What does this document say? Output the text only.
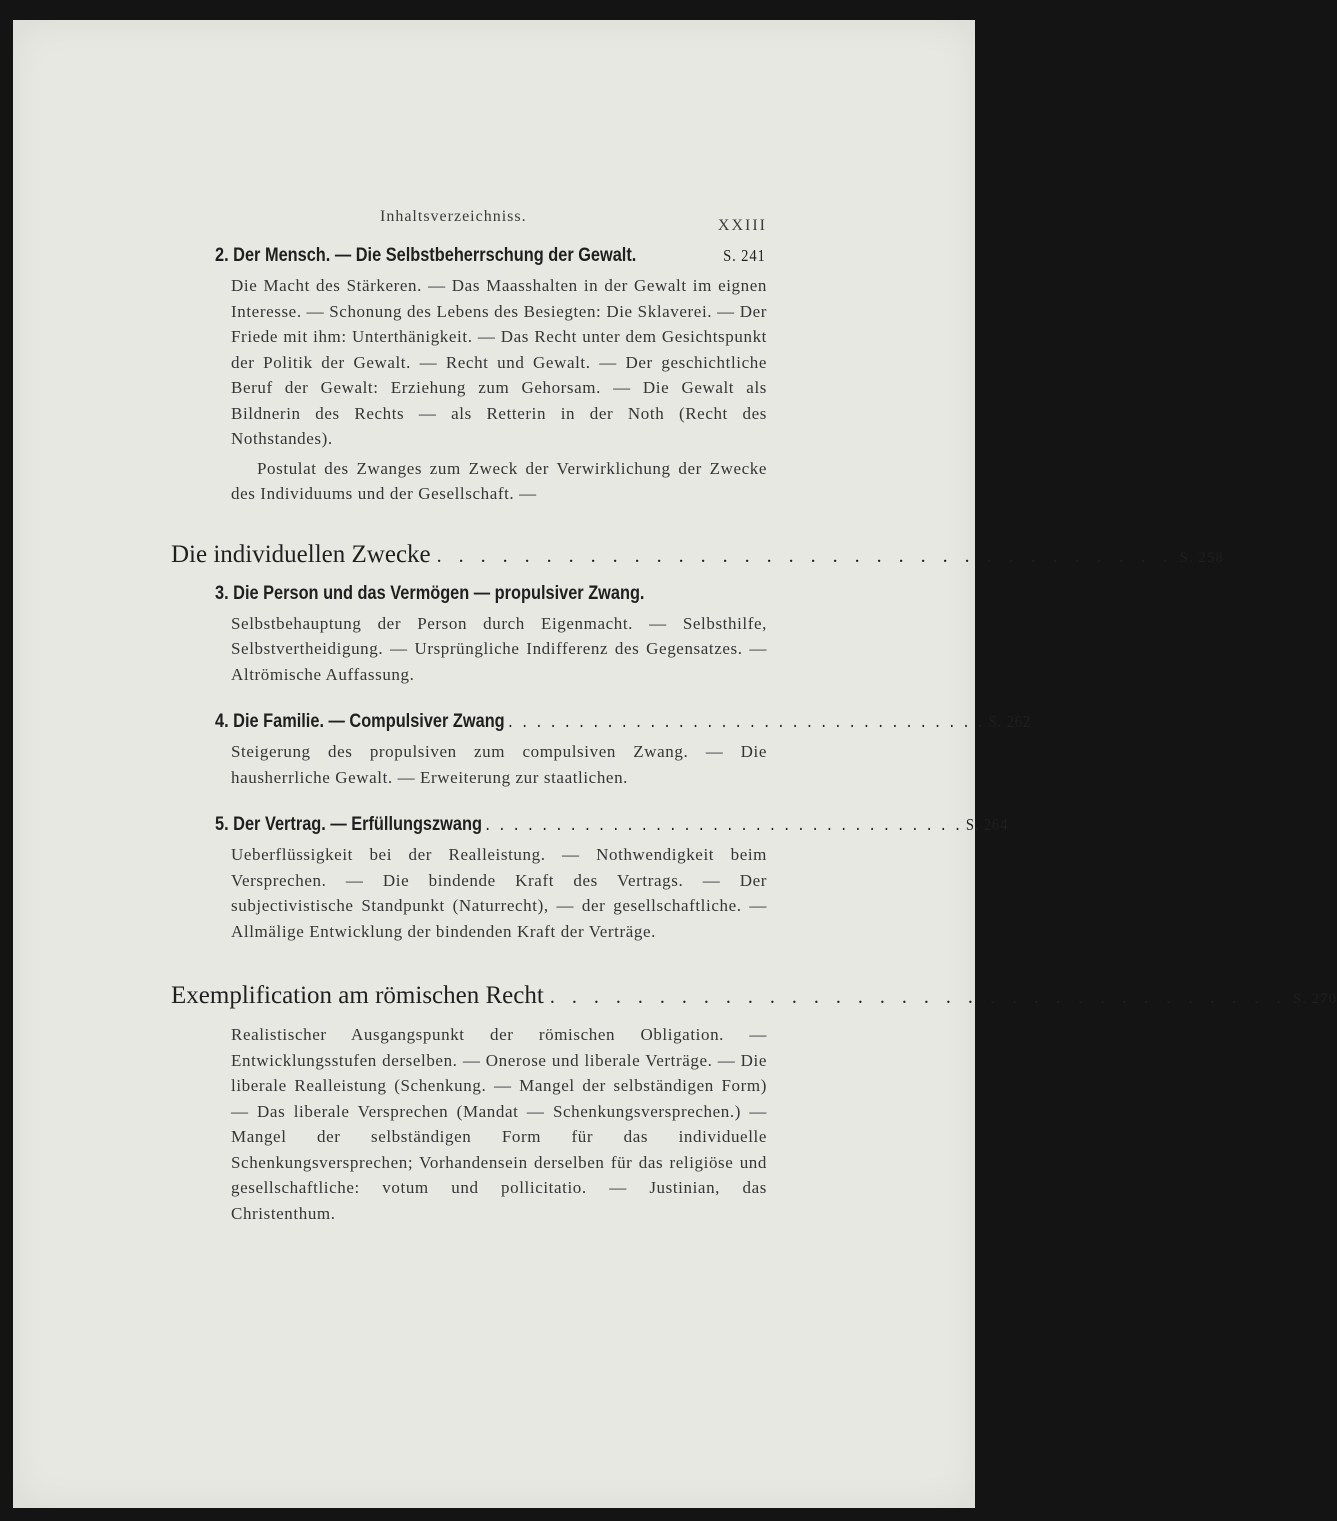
Inhaltsverzeichniss.
XXIII
2. Der Mensch. — Die Selbstbeherrschung der Gewalt.	S. 241

Die Macht des Stärkeren. — Das Maasshalten in der Gewalt im eignen Interesse. — Schonung des Lebens des Besiegten: Die Sklaverei. — Der Friede mit ihm: Unterthänigkeit. — Das Recht unter dem Gesichtspunkt der Politik der Gewalt. — Recht und Gewalt. — Der geschichtliche Beruf der Gewalt: Erziehung zum Gehorsam. — Die Gewalt als Bildnerin des Rechts — als Retterin in der Noth (Recht des Nothstandes).

Postulat des Zwanges zum Zweck der Verwirklichung der Zwecke des Individuums und der Gesellschaft. —

Die individuellen Zwecke . . . . . . . . . . . . . . . . . . . . . . . . . . . . . . . . . . S. 258
3. Die Person und das Vermögen — propulsiver Zwang.

Selbstbehauptung der Person durch Eigenmacht. — Selbsthilfe, Selbstvertheidigung. — Ursprüngliche Indifferenz des Gegensatzes. — Altrömische Auffassung.

4. Die Familie. — Compulsiver Zwang . . . . . . . . . . . . . . . . . . . . . . . . . . . . . . . . . . S. 262

Steigerung des propulsiven zum compulsiven Zwang. — Die hausherrliche Gewalt. — Erweiterung zur staatlichen.

5. Der Vertrag. — Erfüllungszwang . . . . . . . . . . . . . . . . . . . . . . . . . . . . . . . . . . S. 264

Ueberflüssigkeit bei der Realleistung. — Nothwendigkeit beim Versprechen. — Die bindende Kraft des Vertrags. — Der subjectivistische Standpunkt (Naturrecht), — der gesellschaftliche. — Allmälige Entwicklung der bindenden Kraft der Verträge.

Exemplification am römischen Recht . . . . . . . . . . . . . . . . . . . . . . . . . . . . . . . . . . S. 270

Realistischer Ausgangspunkt der römischen Obligation. — Entwicklungsstufen derselben. — Onerose und liberale Verträge. — Die liberale Realleistung (Schenkung. — Mangel der selbständigen Form) — Das liberale Versprechen (Mandat — Schenkungsversprechen.) — Mangel der selbständigen Form für das individuelle Schenkungsversprechen; Vorhandensein derselben für das religiöse und gesellschaftliche: votum und pollicitatio. — Justinian, das Christenthum.
